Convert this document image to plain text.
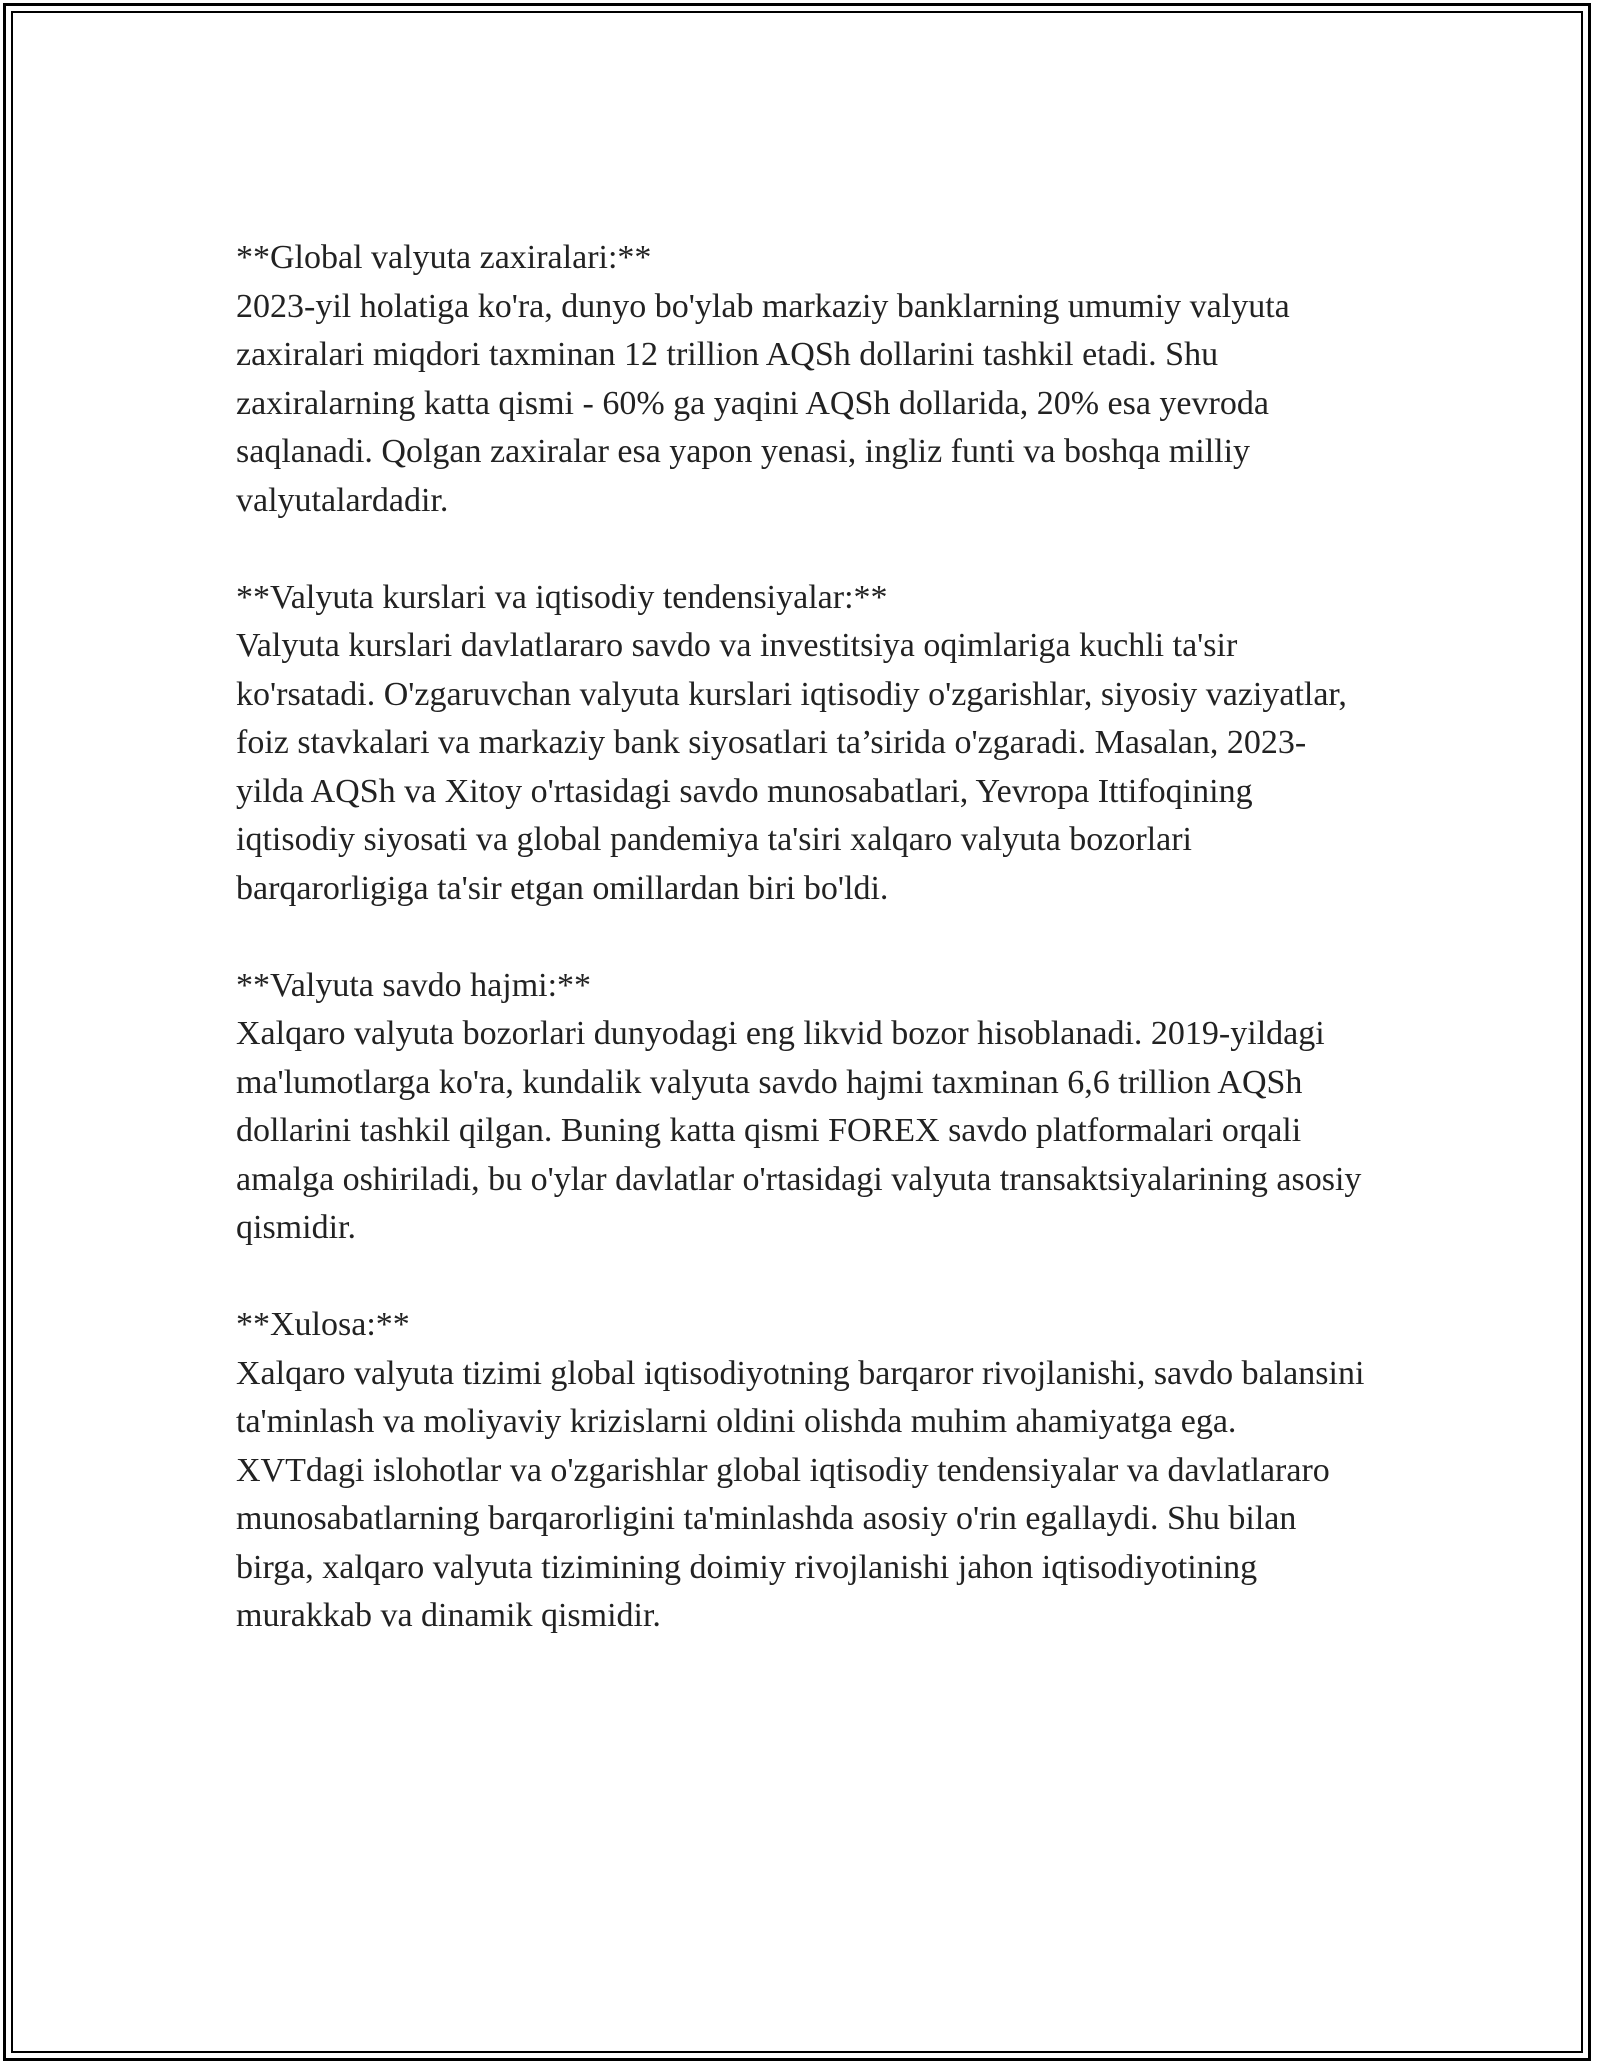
**Global valyuta zaxiralari:**

2023-yil holatiga ko'ra, dunyo bo'ylab markaziy banklarning umumiy valyuta zaxiralari miqdori taxminan 12 trillion AQSh dollarini tashkil etadi. Shu zaxiralarning katta qismi - 60% ga yaqini AQSh dollarida, 20% esa yevroda saqlanadi. Qolgan zaxiralar esa yapon yenasi, ingliz funti va boshqa milliy valyutalardadir.

**Valyuta kurslari va iqtisodiy tendensiyalar:**

Valyuta kurslari davlatlararo savdo va investitsiya oqimlariga kuchli ta'sir ko'rsatadi. O'zgaruvchan valyuta kurslari iqtisodiy o'zgarishlar, siyosiy vaziyatlar, foiz stavkalari va markaziy bank siyosatlari ta’sirida o'zgaradi. Masalan, 2023-yilda AQSh va Xitoy o'rtasidagi savdo munosabatlari, Yevropa Ittifoqining iqtisodiy siyosati va global pandemiya ta'siri xalqaro valyuta bozorlari barqarorligiga ta'sir etgan omillardan biri bo'ldi.

**Valyuta savdo hajmi:**

Xalqaro valyuta bozorlari dunyodagi eng likvid bozor hisoblanadi. 2019-yildagi ma'lumotlarga ko'ra, kundalik valyuta savdo hajmi taxminan 6,6 trillion AQSh dollarini tashkil qilgan. Buning katta qismi FOREX savdo platformalari orqali amalga oshiriladi, bu o'ylar davlatlar o'rtasidagi valyuta transaktsiyalarining asosiy qismidir.

**Xulosa:**

Xalqaro valyuta tizimi global iqtisodiyotning barqaror rivojlanishi, savdo balansini ta'minlash va moliyaviy krizislarni oldini olishda muhim ahamiyatga ega. XVTdagi islohotlar va o'zgarishlar global iqtisodiy tendensiyalar va davlatlararo munosabatlarning barqarorligini ta'minlashda asosiy o'rin egallaydi. Shu bilan birga, xalqaro valyuta tizimining doimiy rivojlanishi jahon iqtisodiyotining murakkab va dinamik qismidir.
